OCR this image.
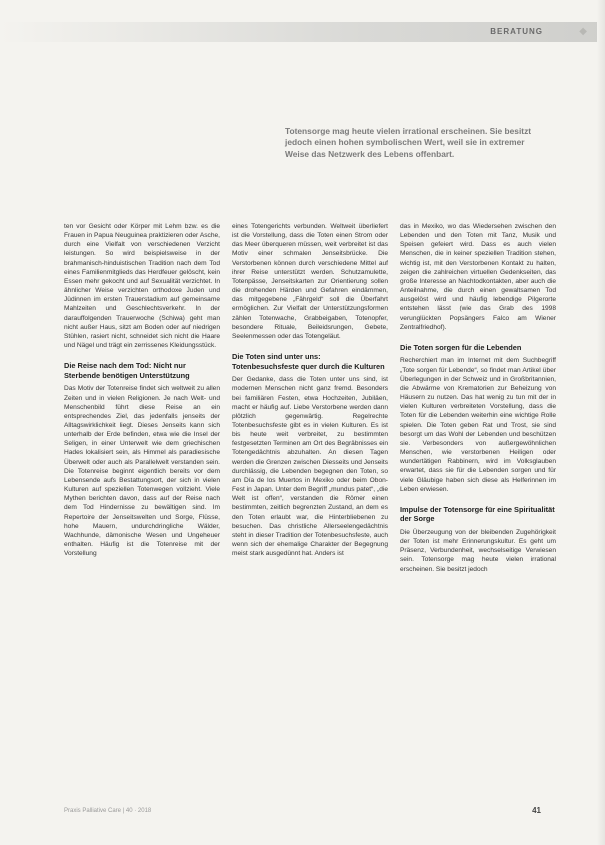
BERATUNG	◆
Totensorge mag heute vielen irrational erscheinen. Sie besitzt jedoch einen hohen symbolischen Wert, weil sie in extremer Weise das Netzwerk des Lebens offenbart.

ten vor Gesicht oder Körper mit Lehm bzw. es die Frauen in Papua Neuguinea praktizieren oder Asche, durch eine Vielfalt von verschiedenen Verzicht leistungen. So wird beispielsweise in der brahmanisch-hinduistischen Tradition nach dem Tod eines Familienmitglieds das Herdfeuer gelöscht, kein Essen mehr gekocht und auf Sexualität verzichtet. In ähnlicher Weise verzichten orthodoxe Juden und Jüdinnen im ersten Trauerstadium auf gemeinsame Mahlzeiten und Geschlechtsverkehr. In der darauffolgenden Trauerwoche (Schiwa) geht man nicht außer Haus, sitzt am Boden oder auf niedrigen Stühlen, rasiert nicht, schneidet sich nicht die Haare und Nägel und trägt ein zerrissenes Kleidungsstück.

Die Reise nach dem Tod: Nicht nur Sterbende benötigen Unterstützung

Das Motiv der Totenreise findet sich weltweit zu allen Zeiten und in vielen Religionen. Je nach Welt- und Menschenbild führt diese Reise an ein entsprechendes Ziel, das jedenfalls jenseits der Alltagswirklichkeit liegt. Dieses Jenseits kann sich unterhalb der Erde befinden, etwa wie die Insel der Seligen, in einer Unterwelt wie dem griechischen Hades lokalisiert sein, als Himmel als paradiesische Überwelt oder auch als Parallelwelt verstanden sein. Die Totenreise beginnt eigentlich bereits vor dem Lebensende aufs Bestattungsort, der sich in vielen Kulturen auf speziellen Totenwegen vollzieht. Viele Mythen berichten davon, dass auf der Reise nach dem Tod Hindernisse zu bewältigen sind. Im Repertoire der Jenseitswelten und Sorge, Flüsse, hohe Mauern, undurchdringliche Wälder, Wachhunde, dämonische Wesen und Ungeheuer enthalten. Häufig ist die Totenreise mit der Vorstellung

eines Totengerichts verbunden. Weltweit überliefert ist die Vorstellung, dass die Toten einen Strom oder das Meer überqueren müssen, weit verbreitet ist das Motiv einer schmalen Jenseitsbrücke. Die Verstorbenen können durch verschiedene Mittel auf ihrer Reise unterstützt werden. Schutzamulette, Totenpässe, Jenseitskarten zur Orientierung sollen die drohenden Härden und Gefahren eindämmen, das mitgegebene „Fährgeld“ soll die Überfahrt ermöglichen. Zur Vielfalt der Unterstützungsformen zählen Totenwache, Grabbeigaben, Totenopfer, besondere Rituale, Beileidsrungen, Gebete, Seelenmessen oder das Totengeläut.

Die Toten sind unter uns: Totenbesuchsfeste quer durch die Kulturen

Der Gedanke, dass die Toten unter uns sind, ist modernen Menschen nicht ganz fremd. Besonders bei familiären Festen, etwa Hochzeiten, Jubiläen, macht er häufig auf. Liebe Verstorbene werden dann plötzlich gegenwärtig. Regelrechte Totenbesuchsfeste gibt es in vielen Kulturen. Es ist bis heute weit verbreitet, zu bestimmten festgesetzten Terminen am Ort des Begräbnisses ein Totengedächtnis abzuhalten. An diesen Tagen werden die Grenzen zwischen Diesseits und Jenseits durchlässig, die Lebenden begegnen den Toten, so am Día de los Muertos in Mexiko oder beim Obon-Fest in Japan. Unter dem Begriff „mundus patet“, „die Welt ist offen“, verstanden die Römer einen bestimmten, zeitlich begrenzten Zustand, an dem es den Toten erlaubt war, die Hinterbliebenen zu besuchen. Das christliche Allerseelengedächtnis steht in dieser Tradition der Totenbesuchsfeste, auch wenn sich der ehemalige Charakter der Begegnung meist stark ausgedünnt hat. Anders ist

das in Mexiko, wo das Wiedersehen zwischen den Lebenden und den Toten mit Tanz, Musik und Speisen gefeiert wird. Dass es auch vielen Menschen, die in keiner speziellen Tradition stehen, wichtig ist, mit den Verstorbenen Kontakt zu halten, zeigen die zahlreichen virtuellen Gedenkseiten, das große Interesse an Nachtodkontakten, aber auch die Anteilnahme, die durch einen gewaltsamen Tod ausgelöst wird und häufig lebendige Pilgerorte entstehen lässt (wie das Grab des 1998 verunglückten Popsängers Falco am Wiener Zentralfriedhof).

Die Toten sorgen für die Lebenden

Recherchiert man im Internet mit dem Suchbegriff „Tote sorgen für Lebende“, so findet man Artikel über Überlegungen in der Schweiz und in Großbritannien, die Abwärme von Krematorien zur Beheizung von Häusern zu nutzen. Das hat wenig zu tun mit der in vielen Kulturen verbreiteten Vorstellung, dass die Toten für die Lebenden weiterhin eine wichtige Rolle spielen. Die Toten geben Rat und Trost, sie sind besorgt um das Wohl der Lebenden und beschützen sie. Verbesonders von außergewöhnlichen Menschen, wie verstorbenen Heiligen oder wundertätigen Rabbinern, wird im Volksglauben erwartet, dass sie für die Lebenden sorgen und für viele Gläubige haben sich diese als Helferinnen im Leben erwiesen.

Impulse der Totensorge für eine Spiritualität der Sorge

Die Überzeugung von der bleibenden Zugehörigkeit der Toten ist mehr Erinnerungskultur. Es geht um Präsenz, Verbundenheit, wechselseitige Verwiesen sein. Totensorge mag heute vielen irrational erscheinen. Sie besitzt jedoch

Praxis Palliative Care | 40 · 2018	41
